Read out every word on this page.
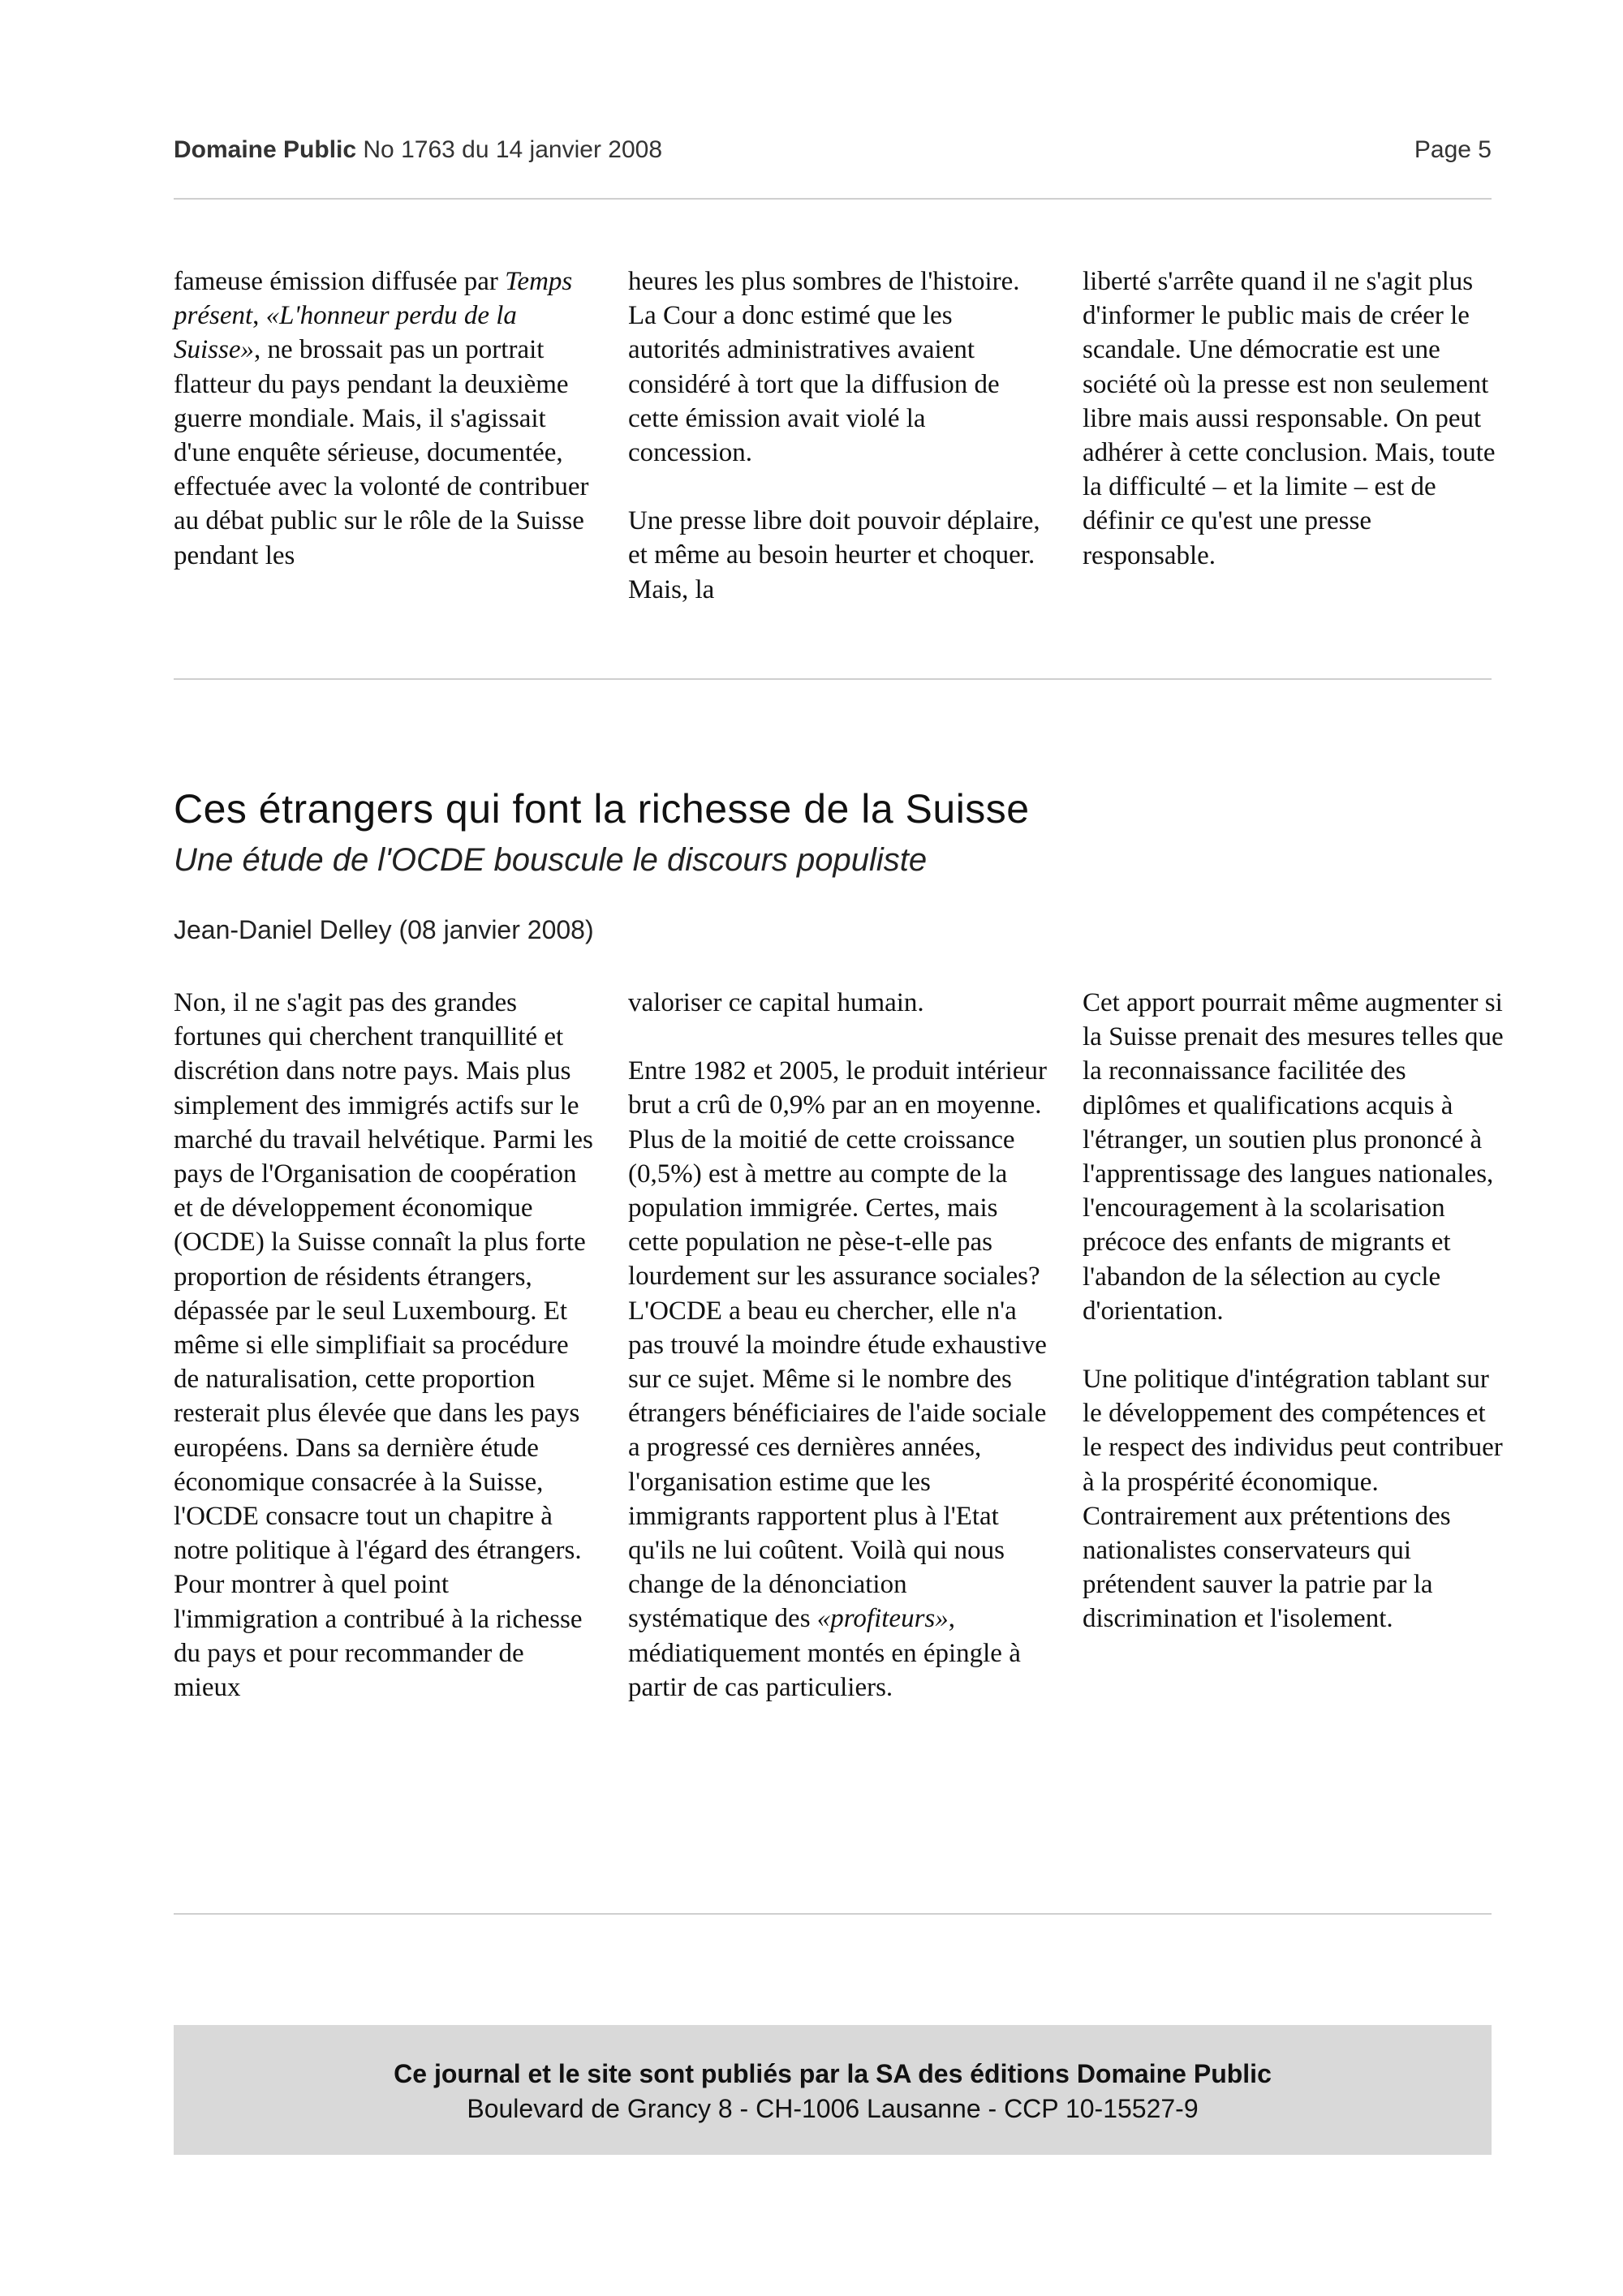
Domaine Public No 1763 du 14 janvier 2008	Page 5

fameuse émission diffusée par Temps présent, «L'honneur perdu de la Suisse», ne brossait pas un portrait flatteur du pays pendant la deuxième guerre mondiale. Mais, il s'agissait d'une enquête sérieuse, documentée, effectuée avec la volonté de contribuer au débat public sur le rôle de la Suisse pendant les

heures les plus sombres de l'histoire. La Cour a donc estimé que les autorités administratives avaient considéré à tort que la diffusion de cette émission avait violé la concession.

Une presse libre doit pouvoir déplaire, et même au besoin heurter et choquer. Mais, la

liberté s'arrête quand il ne s'agit plus d'informer le public mais de créer le scandale. Une démocratie est une société où la presse est non seulement libre mais aussi responsable. On peut adhérer à cette conclusion. Mais, toute la difficulté – et la limite – est de définir ce qu'est une presse responsable.

Ces étrangers qui font la richesse de la Suisse
Une étude de l'OCDE bouscule le discours populiste
Jean-Daniel Delley (08 janvier 2008)

Non, il ne s'agit pas des grandes fortunes qui cherchent tranquillité et discrétion dans notre pays. Mais plus simplement des immigrés actifs sur le marché du travail helvétique. Parmi les pays de l'Organisation de coopération et de développement économique (OCDE) la Suisse connaît la plus forte proportion de résidents étrangers, dépassée par le seul Luxembourg. Et même si elle simplifiait sa procédure de naturalisation, cette proportion resterait plus élevée que dans les pays européens. Dans sa dernière étude économique consacrée à la Suisse, l'OCDE consacre tout un chapitre à notre politique à l'égard des étrangers. Pour montrer à quel point l'immigration a contribué à la richesse du pays et pour recommander de mieux

valoriser ce capital humain.

Entre 1982 et 2005, le produit intérieur brut a crû de 0,9% par an en moyenne. Plus de la moitié de cette croissance (0,5%) est à mettre au compte de la population immigrée. Certes, mais cette population ne pèse-t-elle pas lourdement sur les assurance sociales? L'OCDE a beau eu chercher, elle n'a pas trouvé la moindre étude exhaustive sur ce sujet. Même si le nombre des étrangers bénéficiaires de l'aide sociale a progressé ces dernières années, l'organisation estime que les immigrants rapportent plus à l'Etat qu'ils ne lui coûtent. Voilà qui nous change de la dénonciation systématique des «profiteurs», médiatiquement montés en épingle à partir de cas particuliers.

Cet apport pourrait même augmenter si la Suisse prenait des mesures telles que la reconnaissance facilitée des diplômes et qualifications acquis à l'étranger, un soutien plus prononcé à l'apprentissage des langues nationales, l'encouragement à la scolarisation précoce des enfants de migrants et l'abandon de la sélection au cycle d'orientation.

Une politique d'intégration tablant sur le développement des compétences et le respect des individus peut contribuer à la prospérité économique. Contrairement aux prétentions des nationalistes conservateurs qui prétendent sauver la patrie par la discrimination et l'isolement.

Ce journal et le site sont publiés par la SA des éditions Domaine Public
Boulevard de Grancy 8 - CH-1006 Lausanne - CCP 10-15527-9
